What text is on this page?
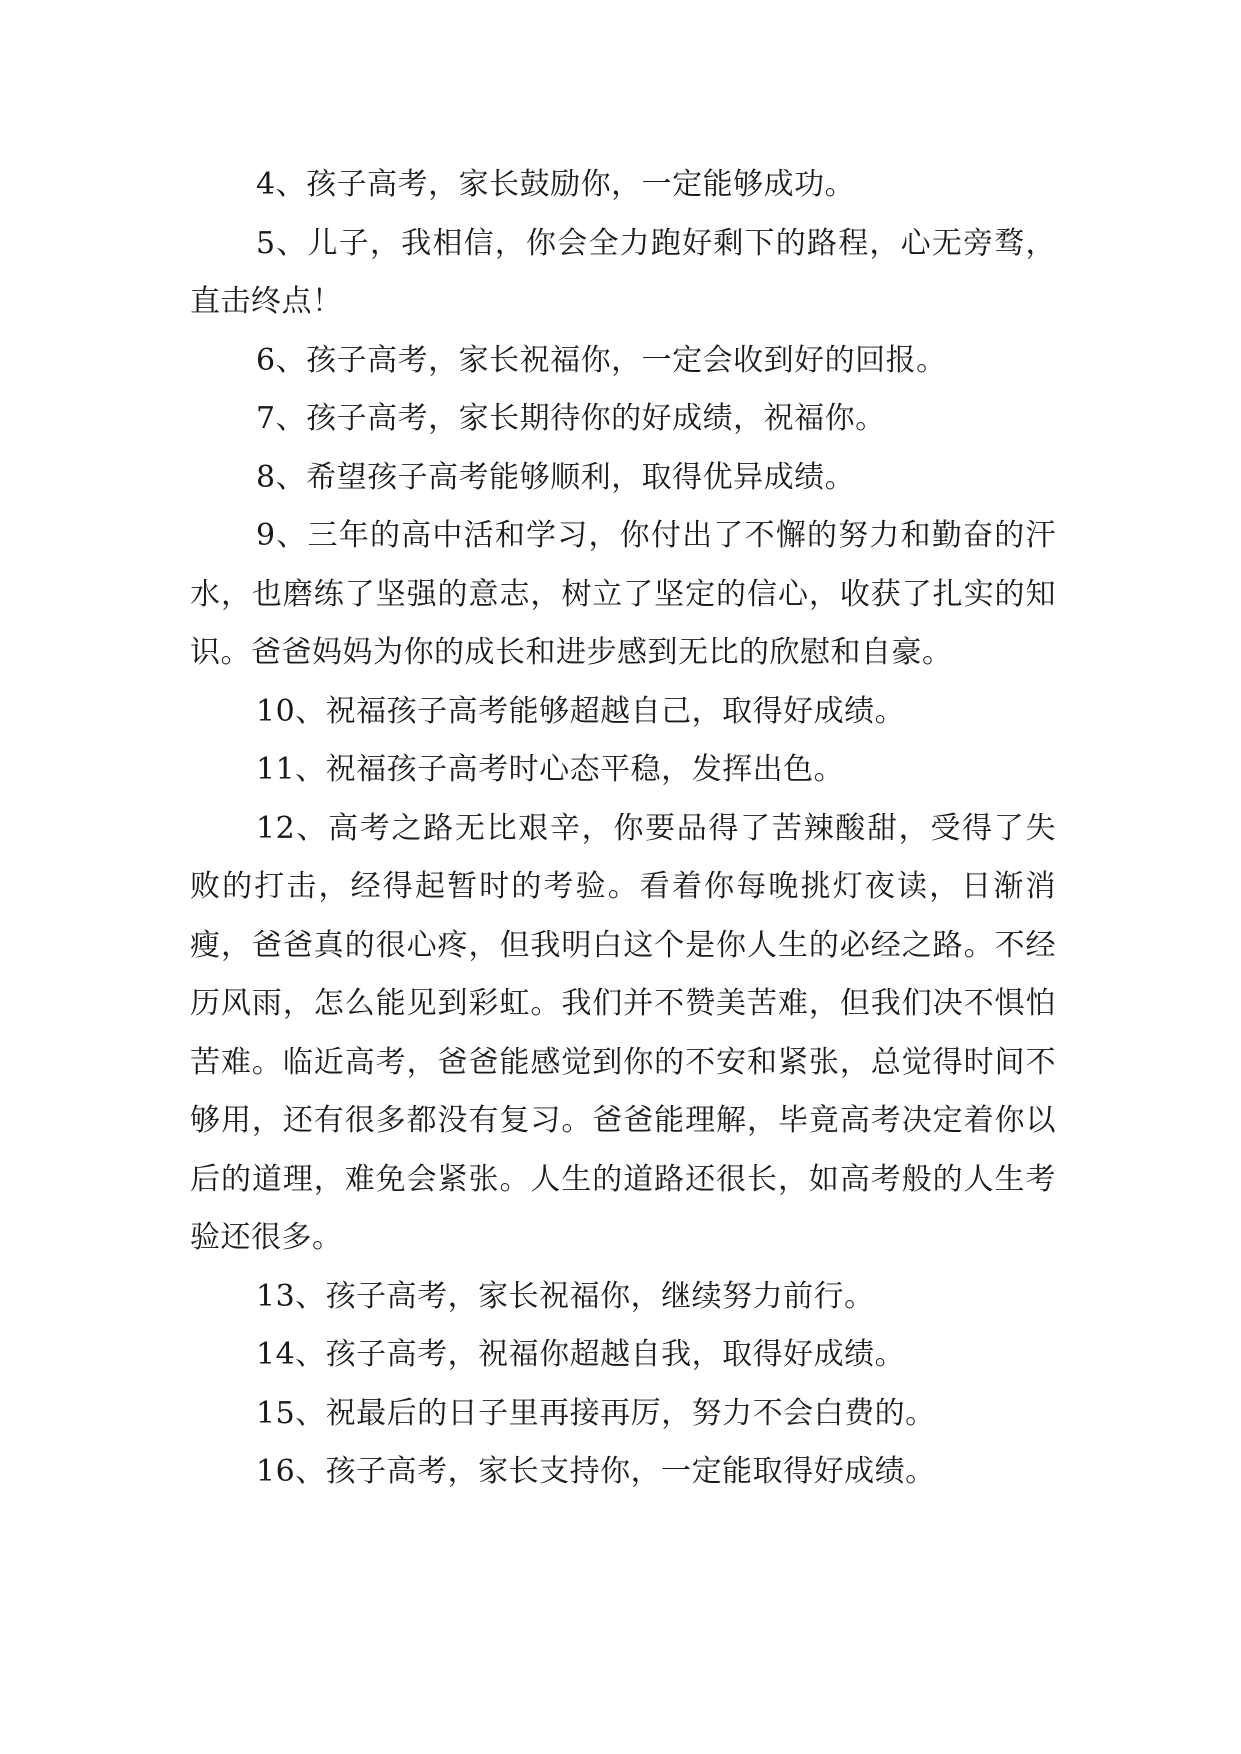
4、孩子高考，家长鼓励你，一定能够成功。

5、儿子，我相信，你会全力跑好剩下的路程，心无旁骛，直击终点！

6、孩子高考，家长祝福你，一定会收到好的回报。

7、孩子高考，家长期待你的好成绩，祝福你。

8、希望孩子高考能够顺利，取得优异成绩。

9、三年的高中活和学习，你付出了不懈的努力和勤奋的汗水，也磨练了坚强的意志，树立了坚定的信心，收获了扎实的知识。爸爸妈妈为你的成长和进步感到无比的欣慰和自豪。

10、祝福孩子高考能够超越自己，取得好成绩。

11、祝福孩子高考时心态平稳，发挥出色。

12、高考之路无比艰辛，你要品得了苦辣酸甜，受得了失败的打击，经得起暂时的考验。看着你每晚挑灯夜读，日渐消瘦，爸爸真的很心疼，但我明白这个是你人生的必经之路。不经历风雨，怎么能见到彩虹。我们并不赞美苦难，但我们决不惧怕苦难。临近高考，爸爸能感觉到你的不安和紧张，总觉得时间不够用，还有很多都没有复习。爸爸能理解，毕竟高考决定着你以后的道理，难免会紧张。人生的道路还很长，如高考般的人生考验还很多。

13、孩子高考，家长祝福你，继续努力前行。

14、孩子高考，祝福你超越自我，取得好成绩。

15、祝最后的日子里再接再厉，努力不会白费的。

16、孩子高考，家长支持你，一定能取得好成绩。
